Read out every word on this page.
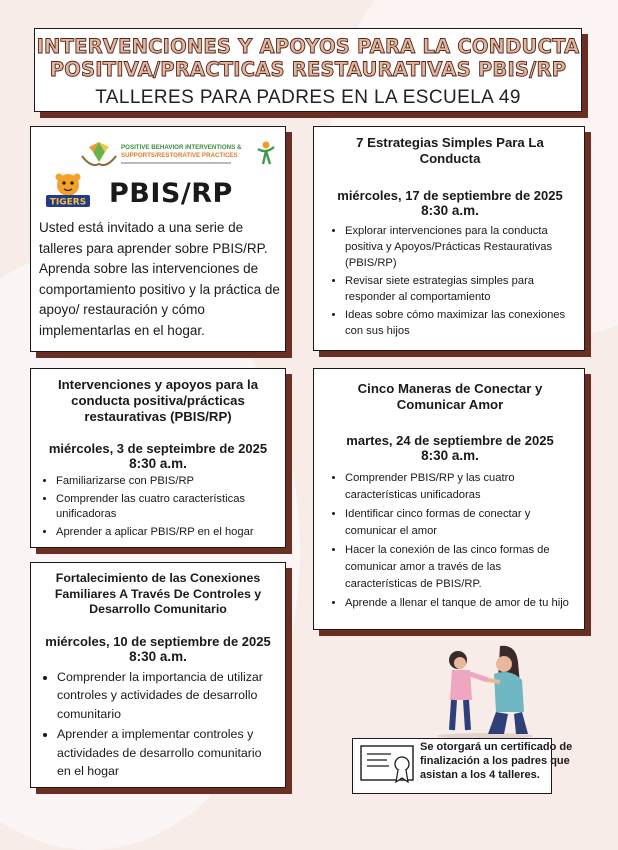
INTERVENCIONES Y APOYOS PARA LA CONDUCTA
POSITIVA/PRACTICAS RESTAURATIVAS PBIS/RP
TALLERES PARA PADRES EN LA ESCUELA 49
POSITIVE BEHAVIOR INTERVENTIONS &
SUPPORTS/RESTORATIVE PRACTICES
TIGERS PBIS/RP

Usted está invitado a una serie de talleres para aprender sobre PBIS/RP. Aprenda sobre las intervenciones de comportamiento positivo y la práctica de apoyo/ restauración y cómo implementarlas en el hogar.

7 Estrategias Simples Para La Conducta
miércoles, 17 de septiembre de 2025
8:30 a.m.
• Explorar intervenciones para la conducta positiva y Apoyos/Prácticas Restaurativas (PBIS/RP)
• Revisar siete estrategias simples para responder al comportamiento
• Ideas sobre cómo maximizar las conexiones con sus hijos
Intervenciones y apoyos para la conducta positiva/prácticas restaurativas (PBIS/RP)
miércoles, 3 de septeimbre de 2025
8:30 a.m.
• Familiarizarse con PBIS/RP
• Comprender las cuatro características unificadoras
• Aprender a aplicar PBIS/RP en el hogar
Cinco Maneras de Conectar y Comunicar Amor
martes, 24 de septiembre de 2025
8:30 a.m.
• Comprender PBIS/RP y las cuatro características unificadoras
• Identificar cinco formas de conectar y comunicar el amor
• Hacer la conexión de las cinco formas de comunicar amor a través de las características de PBIS/RP.
• Aprende a llenar el tanque de amor de tu hijo
Fortalecimiento de las Conexiones Familiares A Través De Controles y Desarrollo Comunitario
miércoles, 10 de septiembre de 2025
8:30 a.m.
• Comprender la importancia de utilizar controles y actividades de desarrollo comunitario
• Aprender a implementar controles y actividades de desarrollo comunitario en el hogar
Se otorgará un certificado de finalización a los padres que asistan a los 4 talleres.
